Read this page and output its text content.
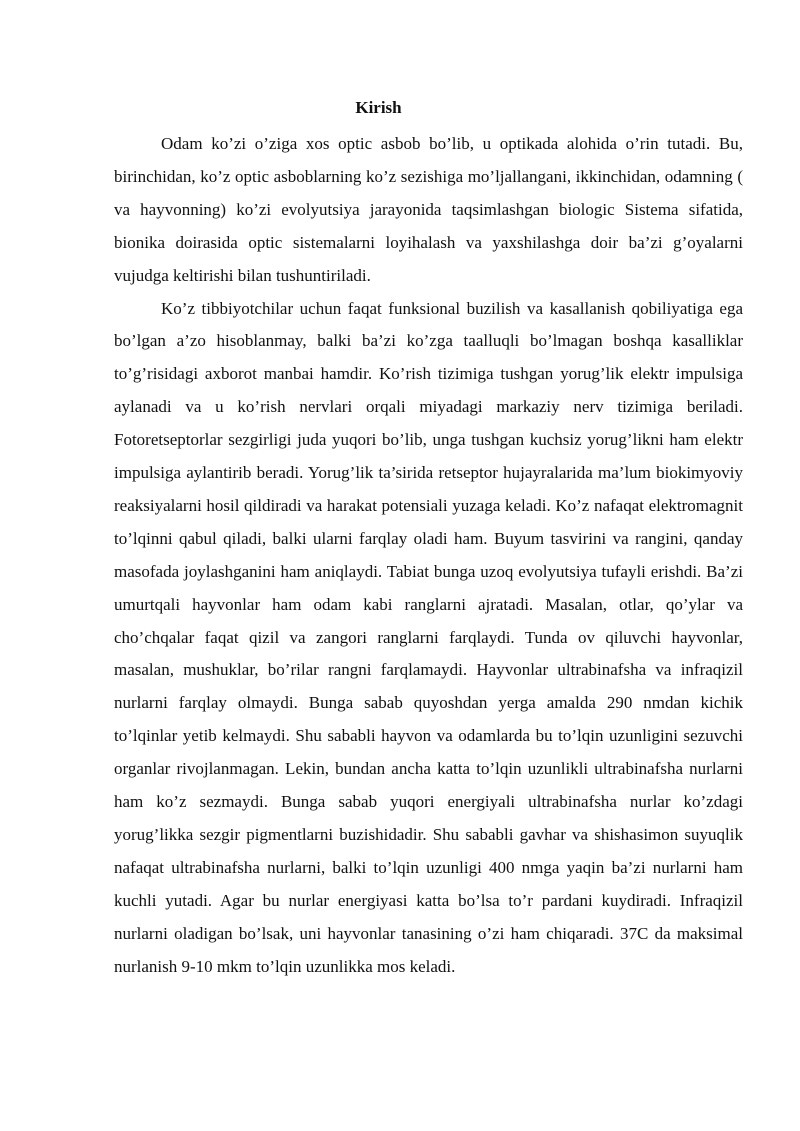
Kirish

Odam ko’zi o’ziga xos optic asbob bo’lib, u optikada alohida o’rin tutadi. Bu, birinchidan, ko’z optic asboblarning ko’z sezishiga mo’ljallangani, ikkinchidan, odamning ( va hayvonning) ko’zi evolyutsiya jarayonida taqsimlashgan biologic Sistema sifatida, bionika doirasida optic sistemalarni loyihalash va yaxshilashga doir ba’zi g’oyalarni vujudga keltirishi bilan tushuntiriladi.

Ko’z tibbiyotchilar uchun faqat funksional buzilish va kasallanish qobiliyatiga ega bo’lgan a’zo hisoblanmay, balki ba’zi ko’zga taalluqli bo’lmagan boshqa kasalliklar to’g’risidagi axborot manbai hamdir. Ko’rish tizimiga tushgan yorug’lik elektr impulsiga aylanadi va u ko’rish nervlari orqali miyadagi markaziy nerv tizimiga beriladi. Fotoretseptorlar sezgirligi juda yuqori bo’lib, unga tushgan kuchsiz yorug’likni ham elektr impulsiga aylantirib beradi. Yorug’lik ta’sirida retseptor hujayralarida ma’lum biokimyoviy reaksiyalarni hosil qildiradi va harakat potensiali yuzaga keladi. Ko’z nafaqat elektromagnit to’lqinni qabul qiladi, balki ularni farqlay oladi ham. Buyum tasvirini va rangini, qanday masofada joylashganini ham aniqlaydi. Tabiat bunga uzoq evolyutsiya tufayli erishdi. Ba’zi umurtqali hayvonlar ham odam kabi ranglarni ajratadi. Masalan, otlar, qo’ylar va cho’chqalar faqat qizil va zangori ranglarni farqlaydi. Tunda ov qiluvchi hayvonlar, masalan, mushuklar, bo’rilar rangni farqlamaydi. Hayvonlar ultrabinafsha va infraqizil nurlarni farqlay olmaydi. Bunga sabab quyoshdan yerga amalda 290 nmdan kichik to’lqinlar yetib kelmaydi. Shu sababli hayvon va odamlarda bu to’lqin uzunligini sezuvchi organlar rivojlanmagan. Lekin, bundan ancha katta to’lqin uzunlikli ultrabinafsha nurlarni ham ko’z sezmaydi. Bunga sabab yuqori energiyali ultrabinafsha nurlar ko’zdagi yorug’likka sezgir pigmentlarni buzishidadir. Shu sababli gavhar va shishasimon suyuqlik nafaqat ultrabinafsha nurlarni, balki to’lqin uzunligi 400 nmga yaqin ba’zi nurlarni ham kuchli yutadi. Agar bu nurlar energiyasi katta bo’lsa to’r pardani kuydiradi. Infraqizil nurlarni oladigan bo’lsak, uni hayvonlar tanasining o’zi ham chiqaradi. 37C da maksimal nurlanish 9-10 mkm to’lqin uzunlikka mos keladi.
